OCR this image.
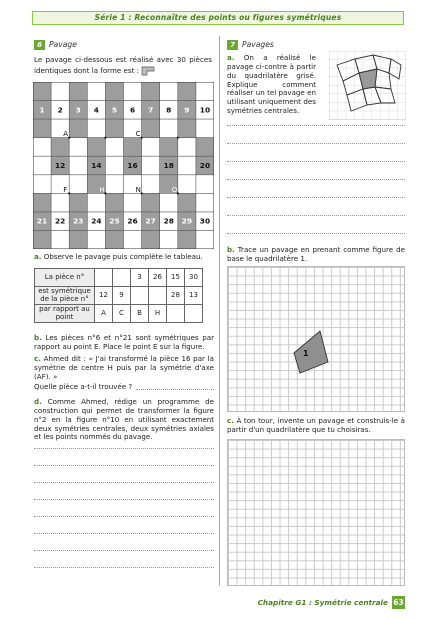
Série 1 : Reconnaître des points ou figures symétriques
6 Pavage
Le pavage ci-dessous est réalisé avec 30 pièces identiques dont la forme est :
1 2 3 4 5 6 7 8 9 10
11 12 13 14 15 16 17 18 19 20
21 22 23 24 25 26 27 28 29 30
A	B	C	D
F	H	N	O
a. Observe le pavage puis complète le tableau.
La pièce n°			3	26	15	30
est symétrique de la pièce n°	12	9			28	13
par rapport au point	A	C	B	H		
b. Les pièces n°6 et n°21 sont symétriques par rapport au point E. Place le point E sur la figure.
c. Ahmed dit : « J'ai transformé la pièce 16 par la symétrie de centre H puis par la symétrie d'axe (AF). »
Quelle pièce a-t-il trouvée ?
d. Comme Ahmed, rédige un programme de construction qui permet de transformer la figure n°2 en la figure n°10 en utilisant exactement deux symétries centrales, deux symétries axiales et les points nommés du pavage.
7 Pavages
a. On a réalisé le pavage ci-contre à partir du quadrilatère grisé. Explique comment réaliser un tel pavage en utilisant uniquement des symétries centrales.
b. Trace un pavage en prenant comme figure de base le quadrilatère 1.
1
c. À ton tour, invente un pavage et construis-le à partir d'un quadrilatère que tu choisiras.
Chapitre G1 : Symétrie centrale 63
